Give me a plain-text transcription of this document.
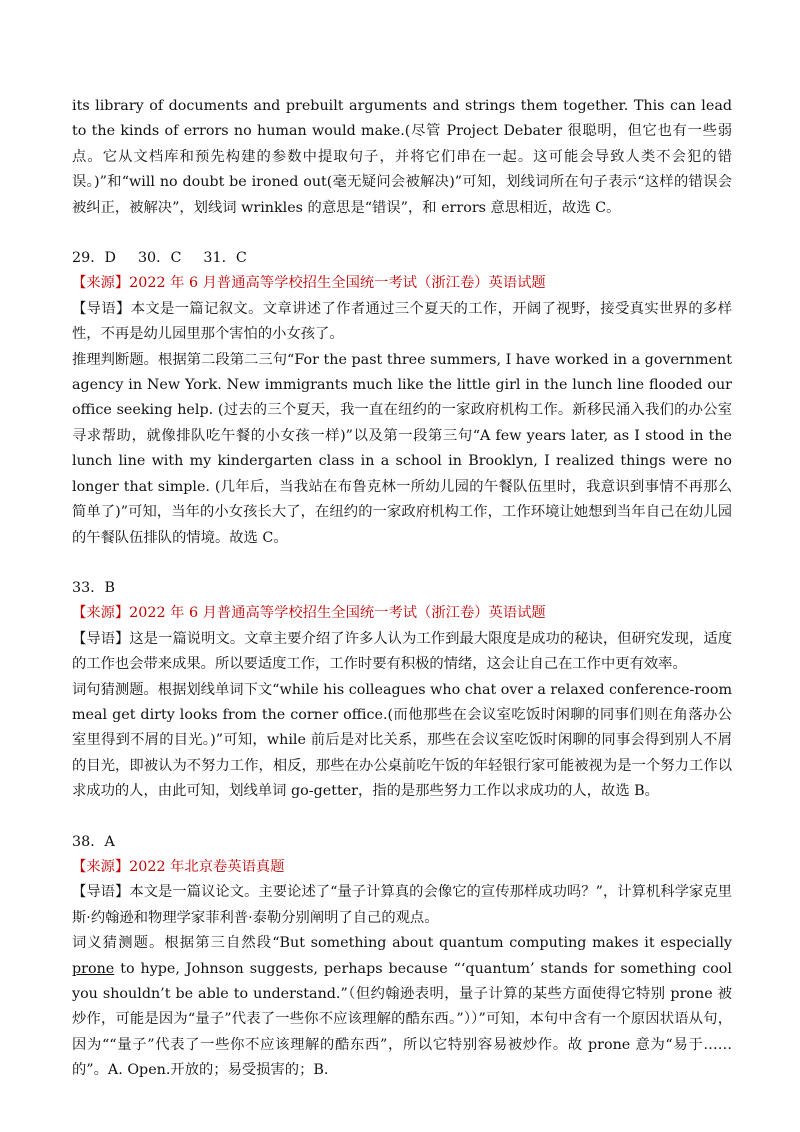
its library of documents and prebuilt arguments and strings them together. This can lead to the kinds of errors no human would make.(尽管 Project Debater 很聪明，但它也有一些弱点。它从文档库和预先构建的参数中提取句子，并将它们串在一起。这可能会导致人类不会犯的错误。)”和“will no doubt be ironed out(毫无疑问会被解决)”可知，划线词所在句子表示“这样的错误会被纠正，被解决”，划线词 wrinkles 的意思是“错误”，和 errors 意思相近，故选 C。

29．D 30．C 31．C

【来源】2022 年 6 月普通高等学校招生全国统一考试（浙江卷）英语试题

【导语】本文是一篇记叙文。文章讲述了作者通过三个夏天的工作，开阔了视野，接受真实世界的多样性，不再是幼儿园里那个害怕的小女孩了。

推理判断题。根据第二段第二三句“For the past three summers, I have worked in a government agency in New York. New immigrants much like the little girl in the lunch line flooded our office seeking help. (过去的三个夏天，我一直在纽约的一家政府机构工作。新移民涌入我们的办公室寻求帮助，就像排队吃午餐的小女孩一样)”以及第一段第三句“A few years later, as I stood in the lunch line with my kindergarten class in a school in Brooklyn, I realized things were no longer that simple. (几年后，当我站在布鲁克林一所幼儿园的午餐队伍里时，我意识到事情不再那么简单了)”可知，当年的小女孩长大了，在纽约的一家政府机构工作，工作环境让她想到当年自己在幼儿园的午餐队伍排队的情境。故选 C。

33．B

【来源】2022 年 6 月普通高等学校招生全国统一考试（浙江卷）英语试题

【导语】这是一篇说明文。文章主要介绍了许多人认为工作到最大限度是成功的秘诀，但研究发现，适度的工作也会带来成果。所以要适度工作，工作时要有积极的情绪，这会让自己在工作中更有效率。

词句猜测题。根据划线单词下文“while his colleagues who chat over a relaxed conference-room meal get dirty looks from the corner office.(而他那些在会议室吃饭时闲聊的同事们则在角落办公室里得到不屑的目光。)”可知，while 前后是对比关系，那些在会议室吃饭时闲聊的同事会得到别人不屑的目光，即被认为不努力工作，相反，那些在办公桌前吃午饭的年轻银行家可能被视为是一个努力工作以求成功的人，由此可知，划线单词 go-getter，指的是那些努力工作以求成功的人，故选 B。

38．A

【来源】2022 年北京卷英语真题

【导语】本文是一篇议论文。主要论述了“量子计算真的会像它的宣传那样成功吗？”，计算机科学家克里斯·约翰逊和物理学家菲利普·泰勒分别阐明了自己的观点。

词义猜测题。根据第三自然段“But something about quantum computing makes it especially prone to hype, Johnson suggests, perhaps because “‘quantum’ stands for something cool you shouldn’t be able to understand.”（但约翰逊表明，量子计算的某些方面使得它特别 prone 被炒作，可能是因为“量子”代表了一些你不应该理解的酷东西。”））”可知，本句中含有一个原因状语从句，因为““量子”代表了一些你不应该理解的酷东西”，所以它特别容易被炒作。故 prone 意为“易于……的”。A. Open.开放的；易受损害的；B.
